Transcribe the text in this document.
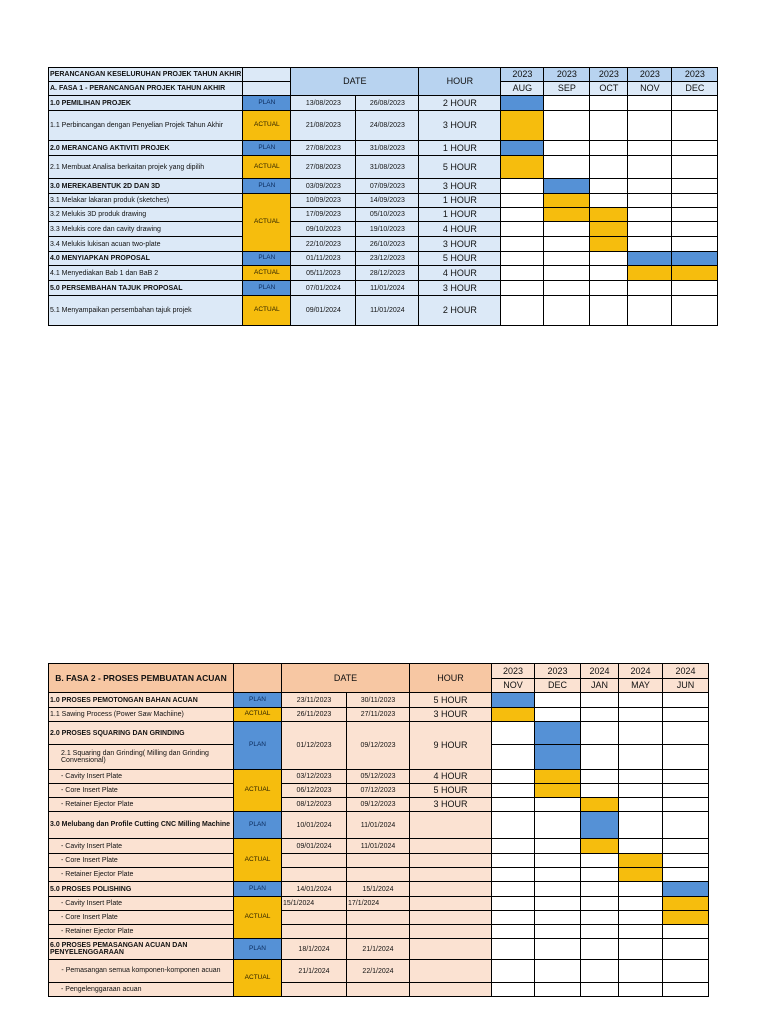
PERANCANGAN KESELURUHAN PROJEK TAHUN AKHIR		DATE		HOUR	2023	2023	2023	2023	2023
A. FASA 1 - PERANCANGAN PROJEK TAHUN AKHIR					AUG	SEP	OCT	NOV	DEC
1.0 PEMILIHAN PROJEK	PLAN	13/08/2023	26/08/2023	2 HOUR					
1.1 Perbincangan dengan Penyelian Projek Tahun Akhir	ACTUAL	21/08/2023	24/08/2023	3 HOUR					
2.0 MERANCANG AKTIVITI PROJEK	PLAN	27/08/2023	31/08/2023	1 HOUR					
2.1 Membuat Analisa berkaitan projek yang dipilih	ACTUAL	27/08/2023	31/08/2023	5 HOUR					
3.0 MEREKABENTUK 2D DAN 3D	PLAN	03/09/2023	07/09/2023	3 HOUR					
3.1 Melakar lakaran produk (sketches)	ACTUAL	10/09/2023	14/09/2023	1 HOUR					
3.2 Melukis 3D produk drawing		17/09/2023	05/10/2023	1 HOUR					
3.3 Melukis core dan cavity drawing		09/10/2023	19/10/2023	4 HOUR					
3.4 Melukis lukisan acuan two-plate		22/10/2023	26/10/2023	3 HOUR					
4.0 MENYIAPKAN PROPOSAL	PLAN	01/11/2023	23/12/2023	5 HOUR					
4.1 Menyediakan Bab 1 dan BaB 2	ACTUAL	05/11/2023	28/12/2023	4 HOUR					
5.0 PERSEMBAHAN TAJUK PROPOSAL	PLAN	07/01/2024	11/01/2024	3 HOUR					
5.1 Menyampaikan persembahan tajuk projek	ACTUAL	09/01/2024	11/01/2024	2 HOUR					
B. FASA 2 - PROSES PEMBUATAN ACUAN		DATE		HOUR	2023	2023	2024	2024	2024
					NOV	DEC	JAN	MAY	JUN
1.0 PROSES PEMOTONGAN BAHAN ACUAN	PLAN	23/11/2023	30/11/2023	5 HOUR					
1.1 Sawing Process (Power Saw Machiine)	ACTUAL	26/11/2023	27/11/2023	3 HOUR					
2.0 PROSES SQUARING DAN GRINDING	PLAN	01/12/2023	09/12/2023	9 HOUR					
2.1 Squaring dan Grinding( Milling dan Grinding Convensional)									
- Cavity Insert Plate	ACTUAL	03/12/2023	05/12/2023	4 HOUR					
- Core Insert Plate		06/12/2023	07/12/2023	5 HOUR					
- Retainer Ejector Plate		08/12/2023	09/12/2023	3 HOUR					
3.0 Melubang dan Profile Cutting CNC Milling Machine	PLAN	10/01/2024	11/01/2024						
- Cavity Insert Plate	ACTUAL	09/01/2024	11/01/2024						
- Core Insert Plate									
- Retainer Ejector Plate									
5.0 PROSES POLISHING	PLAN	14/01/2024	15/1/2024						
- Cavity Insert Plate	ACTUAL	15/1/2024	17/1/2024						
- Core Insert Plate									
- Retainer Ejector Plate									
6.0 PROSES PEMASANGAN ACUAN DAN PENYELENGGARAAN	PLAN	18/1/2024	21/1/2024						
- Pemasangan semua komponen-komponen acuan	ACTUAL	21/1/2024	22/1/2024						
- Pengelenggaraan acuan									
